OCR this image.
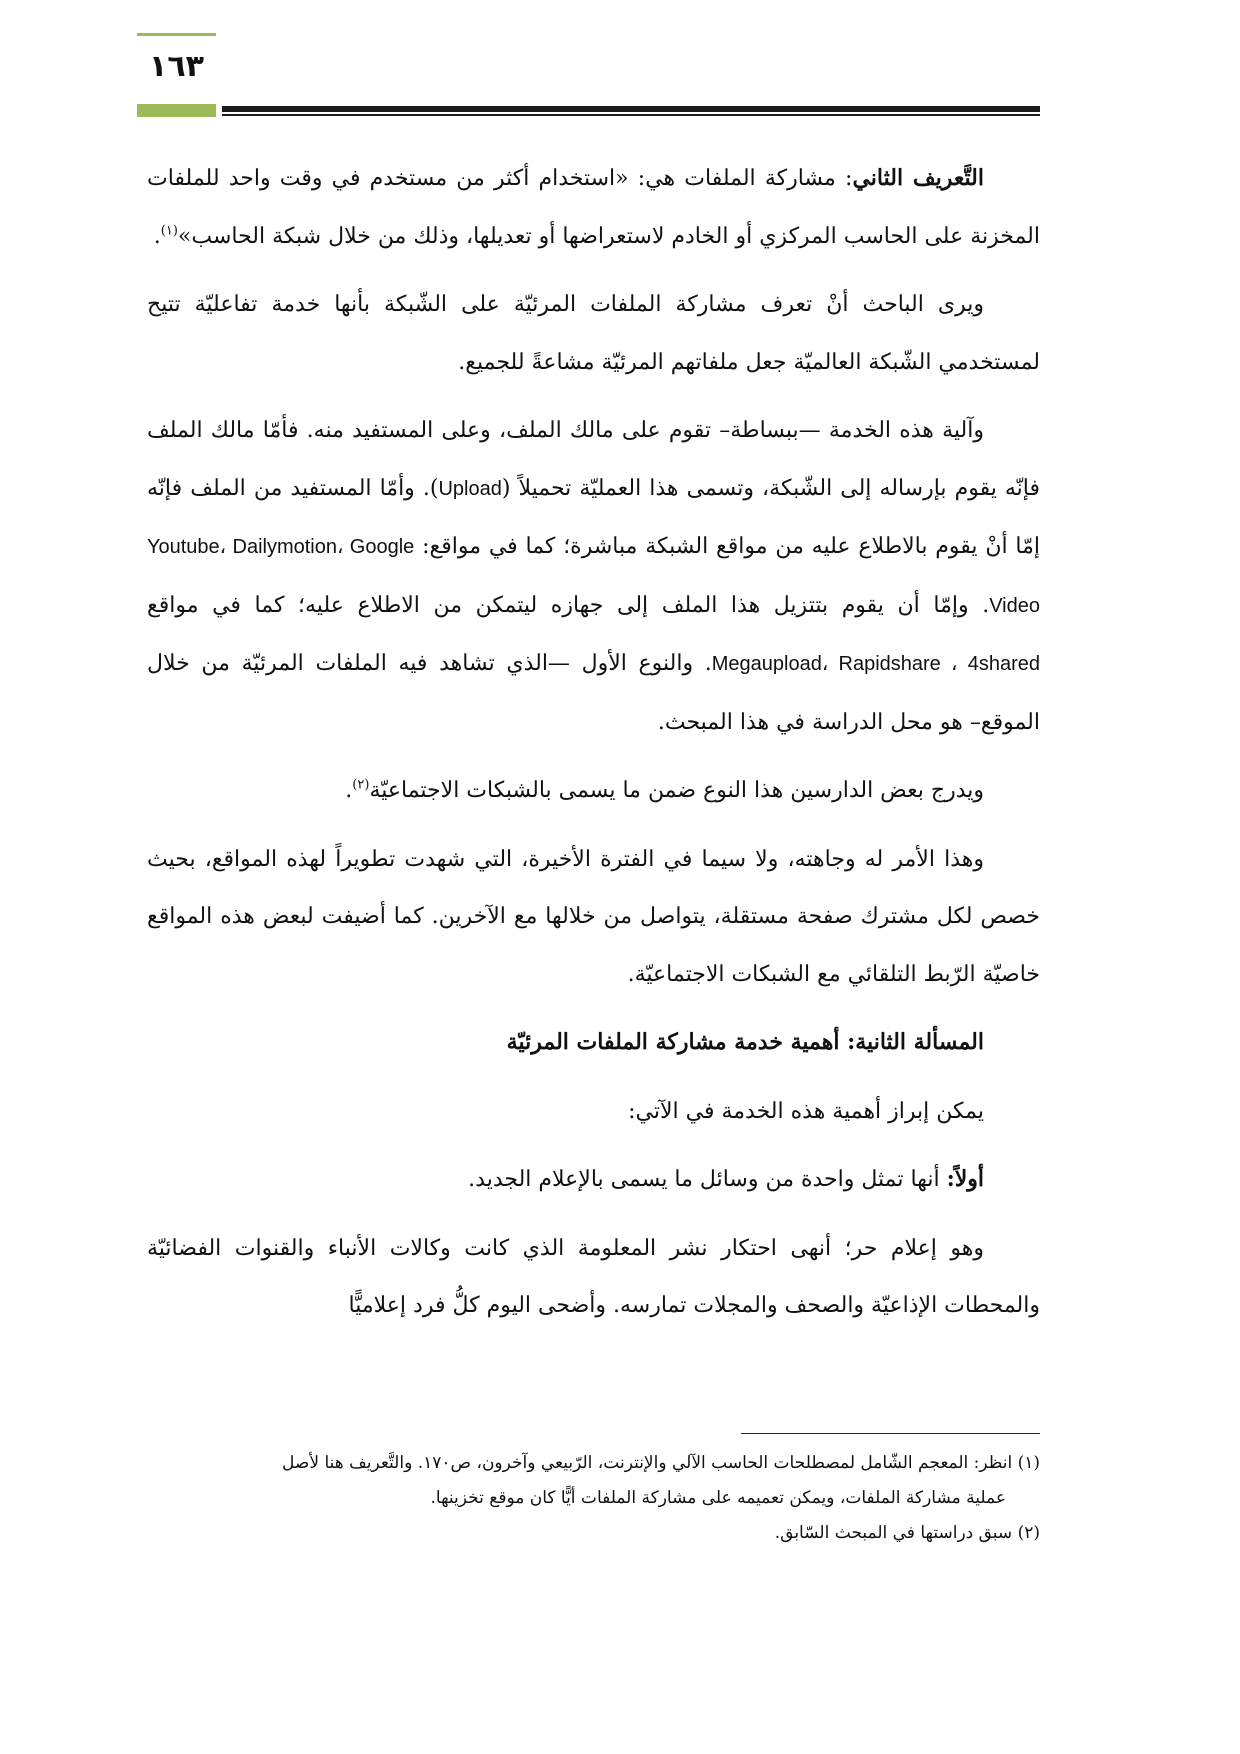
١٦٣

التَّعريف الثاني: مشاركة الملفات هي: «استخدام أكثر من مستخدم في وقت واحد للملفات المخزنة على الحاسب المركزي أو الخادم لاستعراضها أو تعديلها، وذلك من خلال شبكة الحاسب»$^{(١)}$.

ويرى الباحث أنْ تعرف مشاركة الملفات المرئيّة على الشّبكة بأنها خدمة تفاعليّة تتيح لمستخدمي الشّبكة العالميّة جعل ملفاتهم المرئيّة مشاعةً للجميع.

وآلية هذه الخدمة —ببساطة– تقوم على مالك الملف، وعلى المستفيد منه. فأمّا مالك الملف فإنّه يقوم بإرساله إلى الشّبكة، وتسمى هذا العمليّة تحميلاً (Upload). وأمّا المستفيد من الملف فإنّه إمّا أنْ يقوم بالاطلاع عليه من مواقع الشبكة مباشرة؛ كما في مواقع: Youtube، Dailymotion، Google Video. وإمّا أن يقوم بتتزيل هذا الملف إلى جهازه ليتمكن من الاطلاع عليه؛ كما في مواقع Megaupload، Rapidshare ، 4shared. والنوع الأول —الذي تشاهد فيه الملفات المرئيّة من خلال الموقع– هو محل الدراسة في هذا المبحث.

ويدرج بعض الدارسين هذا النوع ضمن ما يسمى بالشبكات الاجتماعيّة$^{(٢)}$.

وهذا الأمر له وجاهته، ولا سيما في الفترة الأخيرة، التي شهدت تطويراً لهذه المواقع، بحيث خصص لكل مشترك صفحة مستقلة، يتواصل من خلالها مع الآخرين. كما أضيفت لبعض هذه المواقع خاصيّة الرّبط التلقائي مع الشبكات الاجتماعيّة.

المسألة الثانية: أهمية خدمة مشاركة الملفات المرئيّة

يمكن إبراز أهمية هذه الخدمة في الآتي:

أولاً: أنها تمثل واحدة من وسائل ما يسمى بالإعلام الجديد.

وهو إعلام حر؛ أنهى احتكار نشر المعلومة الذي كانت وكالات الأنباء والقنوات الفضائيّة والمحطات الإذاعيّة والصحف والمجلات تمارسه. وأضحى اليوم كلُّ فرد إعلاميًّا

(١) انظر: المعجم الشّامل لمصطلحات الحاسب الآلي والإنترنت، الرّبيعي وآخرون، ص١٧٠. والتَّعريف هنا لأصل

عملية مشاركة الملفات، ويمكن تعميمه على مشاركة الملفات أيًّا كان موقع تخزينها.

(٢) سبق دراستها في المبحث السّابق.
